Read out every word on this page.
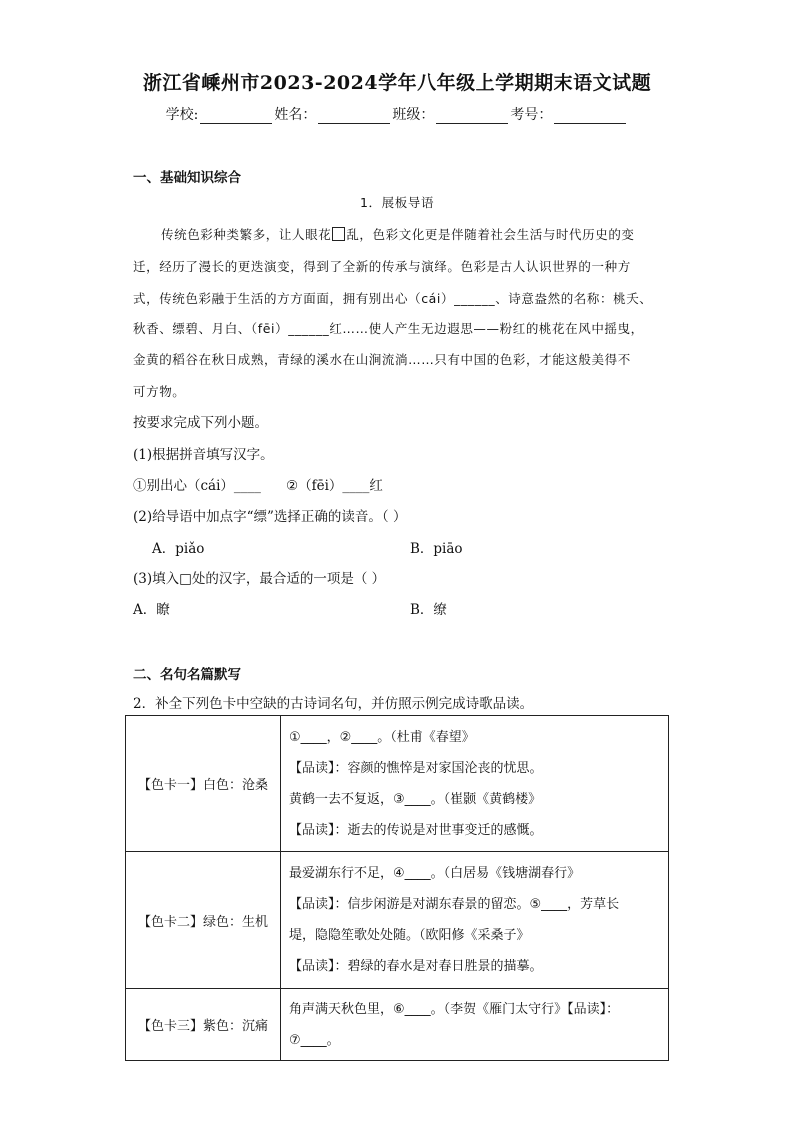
浙江省嵊州市2023-2024学年八年级上学期期末语文试题
学校:	姓名：	班级：	考号：
一、基础知识综合
1．展板导语
传统色彩种类繁多，让人眼花 乱，色彩文化更是伴随着社会生活与时代历史的变
迁，经历了漫长的更迭演变，得到了全新的传承与演绎。色彩是古人认识世界的一种方
式，传统色彩融于生活的方方面面，拥有别出心（cái）______、诗意盎然的名称：桃夭、
秋香、缥碧、月白、（fēi）______红……使人产生无边遐思——粉红的桃花在风中摇曳，
金黄的稻谷在秋日成熟，青绿的溪水在山涧流淌……只有中国的色彩，才能这般美得不
可方物。
按要求完成下列小题。
(1)根据拼音填写汉字。
①别出心（cái）____ ②（fēi）____红
(2)给导语中加点字“缥”选择正确的读音。（ ）
A．piǎo	B．piāo
(3)填入□处的汉字，最合适的一项是（ ）
A．瞭	B．缭
二、名句名篇默写
2．补全下列色卡中空缺的古诗词名句，并仿照示例完成诗歌品读。
【色卡一】白色：沧桑	①____，②____。（杜甫《春望》
【品读】：容颜的憔悴是对家国沦丧的忧思。
黄鹤一去不复返，③____。（崔颢《黄鹤楼》
【品读】：逝去的传说是对世事变迁的感慨。

【色卡二】绿色：生机	最爱湖东行不足，④____。（白居易《钱塘湖春行》
【品读】：信步闲游是对湖东春景的留恋。⑤____，芳草长
堤，隐隐笙歌处处随。（欧阳修《采桑子》
【品读】：碧绿的春水是对春日胜景的描摹。

【色卡三】紫色：沉痛	角声满天秋色里，⑥____。（李贺《雁门太守行》【品读】：
⑦____。
